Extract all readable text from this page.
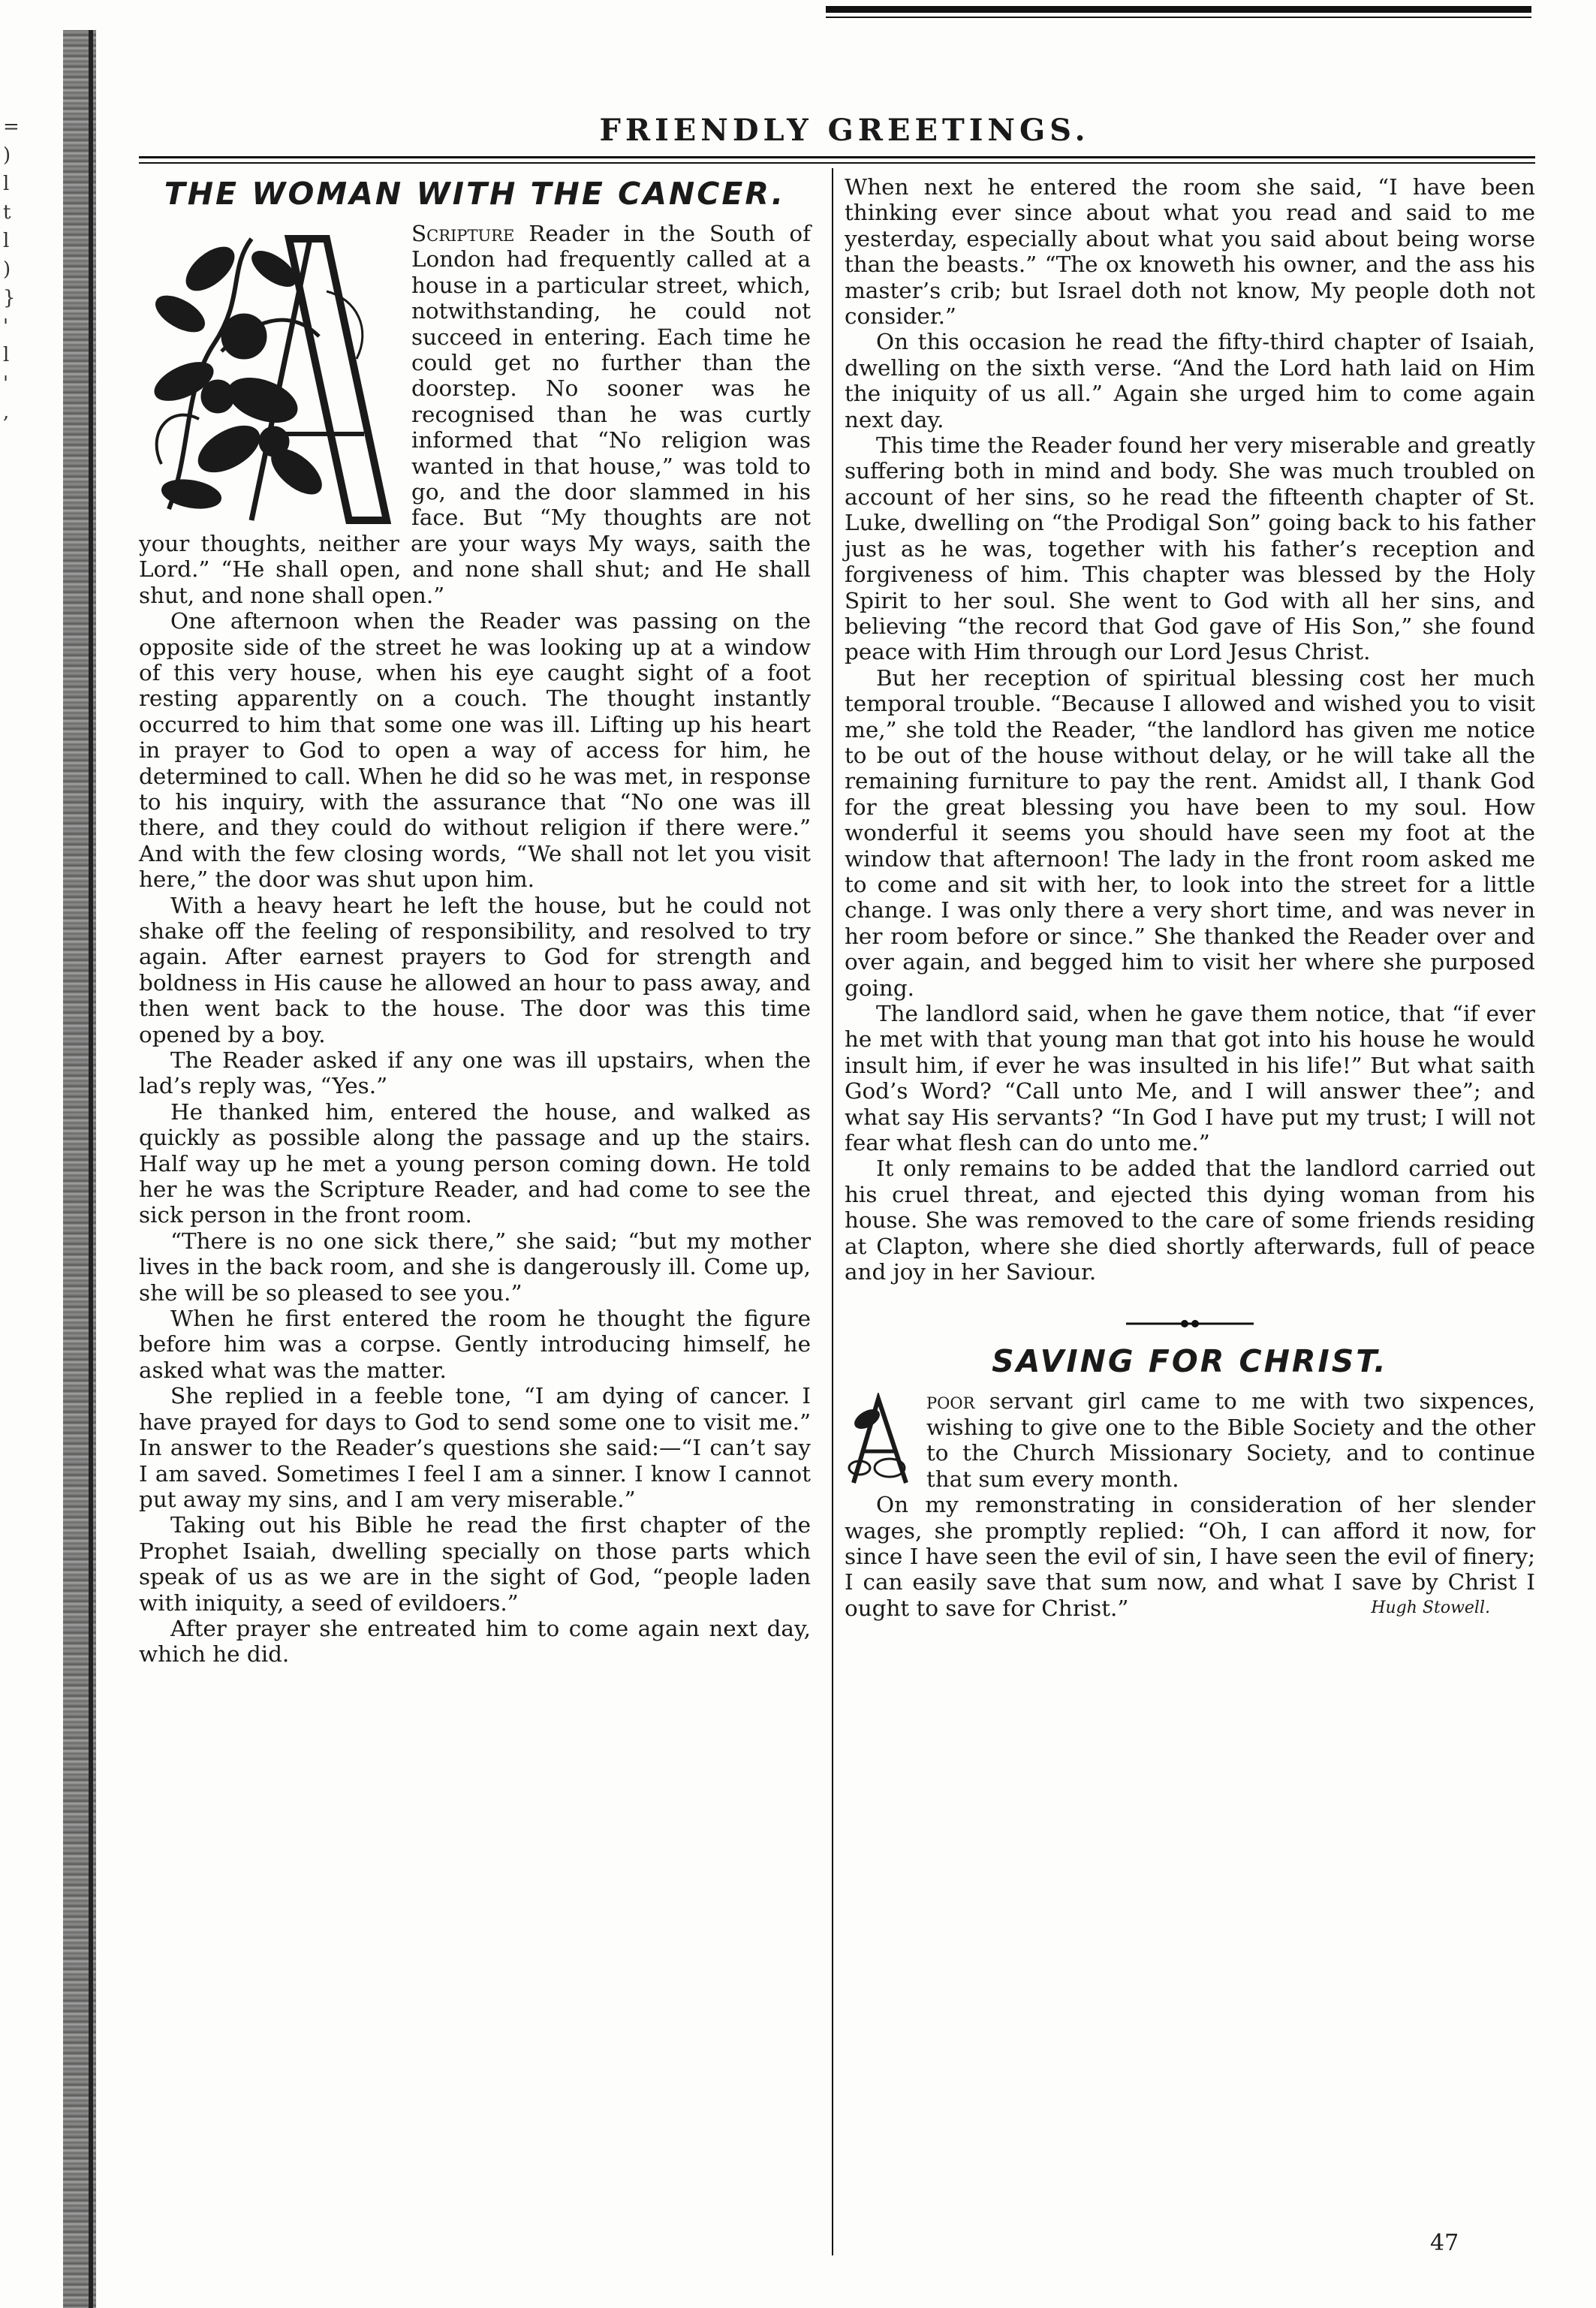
=
)
l
t
l
)
}
'
l
'
,
FRIENDLY GREETINGS.
THE WOMAN WITH THE CANCER.

Scripture Reader in the South of London had frequently called at a house in a particular street, which, notwithstanding, he could not succeed in entering. Each time he could get no further than the doorstep. No sooner was he recognised than he was curtly informed that “No religion was wanted in that house,” was told to go, and the door slammed in his face. But “My thoughts are not your thoughts, neither are your ways My ways, saith the Lord.” “He shall open, and none shall shut; and He shall shut, and none shall open.”

One afternoon when the Reader was passing on the opposite side of the street he was looking up at a window of this very house, when his eye caught sight of a foot resting apparently on a couch. The thought instantly occurred to him that some one was ill. Lifting up his heart in prayer to God to open a way of access for him, he determined to call. When he did so he was met, in response to his inquiry, with the assurance that “No one was ill there, and they could do without religion if there were.” And with the few closing words, “We shall not let you visit here,” the door was shut upon him.

With a heavy heart he left the house, but he could not shake off the feeling of responsibility, and resolved to try again. After earnest prayers to God for strength and boldness in His cause he allowed an hour to pass away, and then went back to the house. The door was this time opened by a boy.

The Reader asked if any one was ill upstairs, when the lad’s reply was, “Yes.”

He thanked him, entered the house, and walked as quickly as possible along the passage and up the stairs. Half way up he met a young person coming down. He told her he was the Scripture Reader, and had come to see the sick person in the front room.

“There is no one sick there,” she said; “but my mother lives in the back room, and she is dangerously ill. Come up, she will be so pleased to see you.”

When he first entered the room he thought the figure before him was a corpse. Gently introducing himself, he asked what was the matter.

She replied in a feeble tone, “I am dying of cancer. I have prayed for days to God to send some one to visit me.” In answer to the Reader’s questions she said:—“I can’t say I am saved. Sometimes I feel I am a sinner. I know I cannot put away my sins, and I am very miserable.”

Taking out his Bible he read the first chapter of the Prophet Isaiah, dwelling specially on those parts which speak of us as we are in the sight of God, “people laden with iniquity, a seed of evildoers.”

After prayer she entreated him to come again next day, which he did.

When next he entered the room she said, “I have been thinking ever since about what you read and said to me yesterday, especially about what you said about being worse than the beasts.” “The ox knoweth his owner, and the ass his master’s crib; but Israel doth not know, My people doth not consider.”

On this occasion he read the fifty-third chapter of Isaiah, dwelling on the sixth verse. “And the Lord hath laid on Him the iniquity of us all.” Again she urged him to come again next day.

This time the Reader found her very miserable and greatly suffering both in mind and body. She was much troubled on account of her sins, so he read the fifteenth chapter of St. Luke, dwelling on “the Prodigal Son” going back to his father just as he was, together with his father’s reception and forgiveness of him. This chapter was blessed by the Holy Spirit to her soul. She went to God with all her sins, and believing “the record that God gave of His Son,” she found peace with Him through our Lord Jesus Christ.

But her reception of spiritual blessing cost her much temporal trouble. “Because I allowed and wished you to visit me,” she told the Reader, “the landlord has given me notice to be out of the house without delay, or he will take all the remaining furniture to pay the rent. Amidst all, I thank God for the great blessing you have been to my soul. How wonderful it seems you should have seen my foot at the window that afternoon! The lady in the front room asked me to come and sit with her, to look into the street for a little change. I was only there a very short time, and was never in her room before or since.” She thanked the Reader over and over again, and begged him to visit her where she purposed going.

The landlord said, when he gave them notice, that “if ever he met with that young man that got into his house he would insult him, if ever he was insulted in his life!” But what saith God’s Word? “Call unto Me, and I will answer thee”; and what say His servants? “In God I have put my trust; I will not fear what flesh can do unto me.”

It only remains to be added that the landlord carried out his cruel threat, and ejected this dying woman from his house. She was removed to the care of some friends residing at Clapton, where she died shortly afterwards, full of peace and joy in her Saviour.

SAVING FOR CHRIST.

poor servant girl came to me with two sixpences, wishing to give one to the Bible Society and the other to the Church Missionary Society, and to continue that sum every month.

On my remonstrating in consideration of her slender wages, she promptly replied: “Oh, I can afford it now, for since I have seen the evil of sin, I have seen the evil of finery; I can easily save that sum now, and what I save by Christ I ought to save for Christ.”	Hugh Stowell.
47
